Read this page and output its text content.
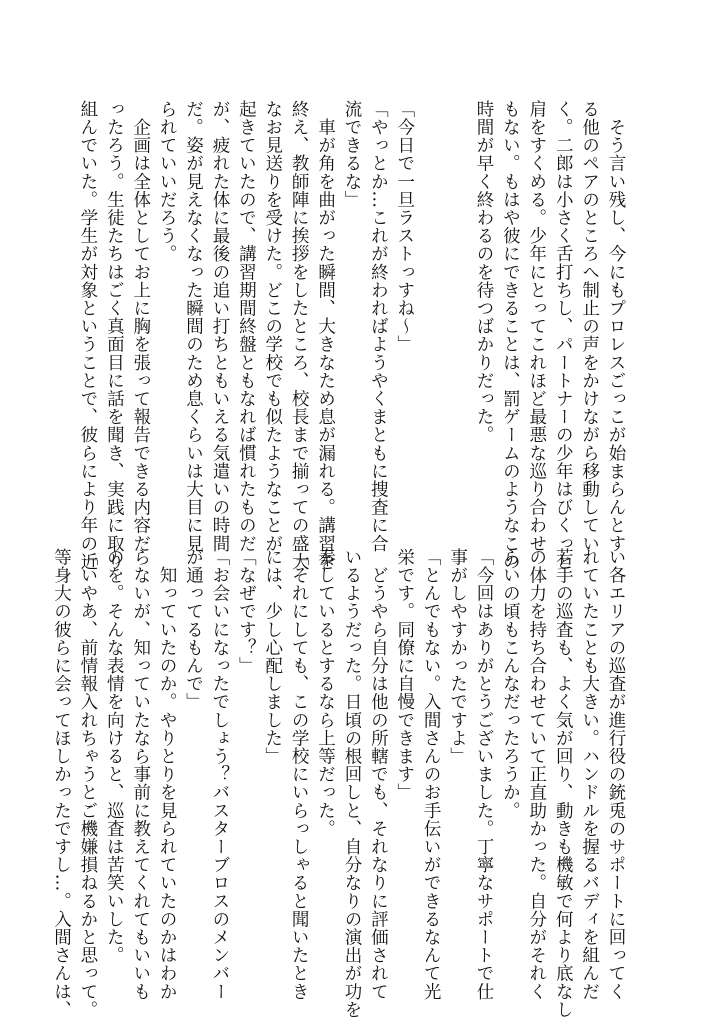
　そう言い残し、今にもプロレスごっこが始まらんとす
る他のペアのところへ制止の声をかけながら移動してい
く。二郎は小さく舌打ちし、パートナーの少年はびくっと
肩をすくめる。少年にとってこれほど最悪な巡り合わせ
もない。もはや彼にできることは、罰ゲームのようなこの
時間が早く終わるのを待つばかりだった。
「今日で一旦ラストっすね〜」
「やっとか…これが終わればようやくまともに捜査に合
流できるな」
　車が角を曲がった瞬間、大きなため息が漏れる。講習を
終え、教師陣に挨拶をしたところ、校長まで揃っての盛大
なお見送りを受けた。どこの学校でも似たようなことが
起きていたので、講習期間終盤ともなれば慣れたものだ
が、疲れた体に最後の追い打ちともいえる気遣いの時間
だ。姿が見えなくなった瞬間のため息くらいは大目に見
られていいだろう。
　企画は全体としてお上に胸を張って報告できる内容だ
ったろう。生徒たちはごく真面目に話を聞き、実践に取り
組んでいた。学生が対象ということで、彼らにより年の近
い各エリアの巡査が進行役の銃兎のサポートに回ってく
れていたことも大きい。ハンドルを握るバディを組んだ
若手の巡査も、よく気が回り、動きも機敏で何より底なし
の体力を持ち合わせていて正直助かった。自分がそれく
らいの頃もこんなだったろうか。
「今回はありがとうございました。丁寧なサポートで仕
事がしやすかったですよ」
「とんでもない。入間さんのお手伝いができるなんて光
栄です。同僚に自慢できます」
　どうやら自分は他の所轄でも、それなりに評価されて
いるようだった。日頃の根回しと、自分なりの演出が功を
奏しているとするなら上等だった。
「それにしても、この学校にいらっしゃると聞いたとき
には、少し心配しました」
「なぜです？」
「お会いになったでしょう？バスターブロスのメンバー
が通ってるもんで」
　知っていたのか。やりとりを見られていたのかはわか
らないが、知っていたなら事前に教えてくれてもいいも
のを。そんな表情を向けると、巡査は苦笑いした。
「いやあ、前情報入れちゃうとご機嫌損ねるかと思って。
等身大の彼らに会ってほしかったですし…。入間さんは、
